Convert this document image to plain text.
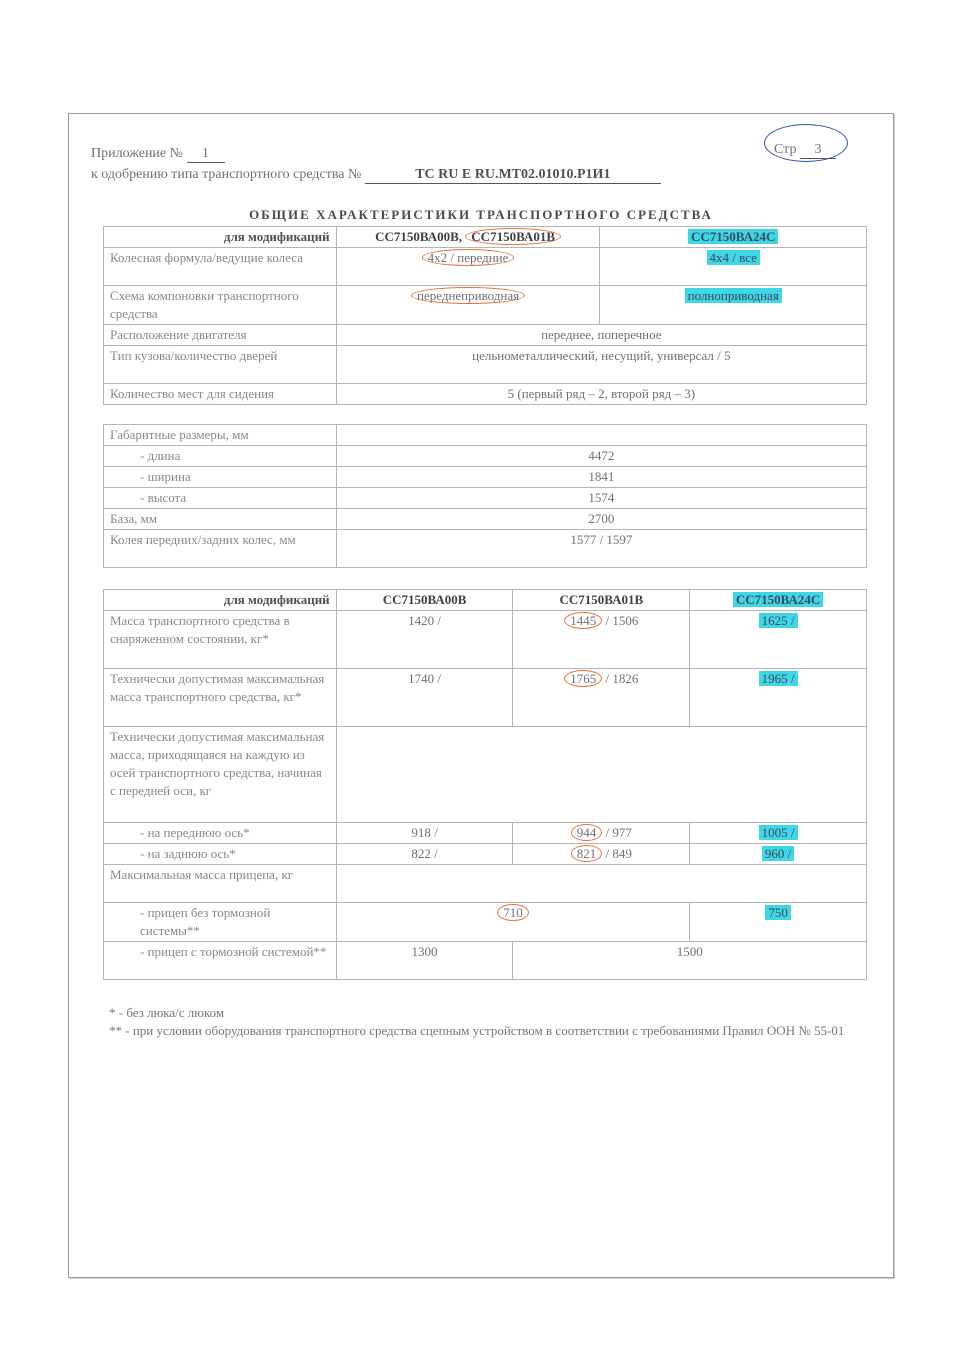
Приложение № 1
к одобрению типа транспортного средства №	ТС RU E RU.МТ02.01010.Р1И1
Стр 3
ОБЩИЕ ХАРАКТЕРИСТИКИ ТРАНСПОРТНОГО СРЕДСТВА
для модификаций	СС7150ВА00В, СС7150ВА01В	СС7150ВА24С
Колесная формула/ведущие колеса	4x2 / передние	4x4 / все
Схема компоновки транспортного средства	переднеприводная	полноприводная
Расположение двигателя	переднее, поперечное	
Тип кузова/количество дверей	цельнометаллический, несущий, универсал / 5	
Количество мест для сидения	5 (первый ряд – 2, второй ряд – 3)	
Габаритные размеры, мм	
- длина	4472
- ширина	1841
- высота	1574
База, мм	2700
Колея передних/задних колес, мм	1577 / 1597
для модификаций	СС7150ВА00В	СС7150ВА01В	СС7150ВА24С
Масса транспортного средства в снаряженном состоянии, кг*	1420 /	1445 / 1506	1625 /
Технически допустимая максимальная масса транспортного средства, кг*	1740 /	1765 / 1826	1965 /
Технически допустимая максимальная масса, приходящаяся на каждую из осей транспортного средства, начиная с передней оси, кг			
- на переднюю ось*	918 /	944 / 977	1005 /
- на заднюю ось*	822 /	821 / 849	960 /
Максимальная масса прицепа, кг			
- прицеп без тормозной системы**	710		750
- прицеп с тормозной системой**	1300	1500	
* - без люка/с люком
** - при условии оборудования транспортного средства сцепным устройством в соответствии с требованиями Правил ООН № 55-01
